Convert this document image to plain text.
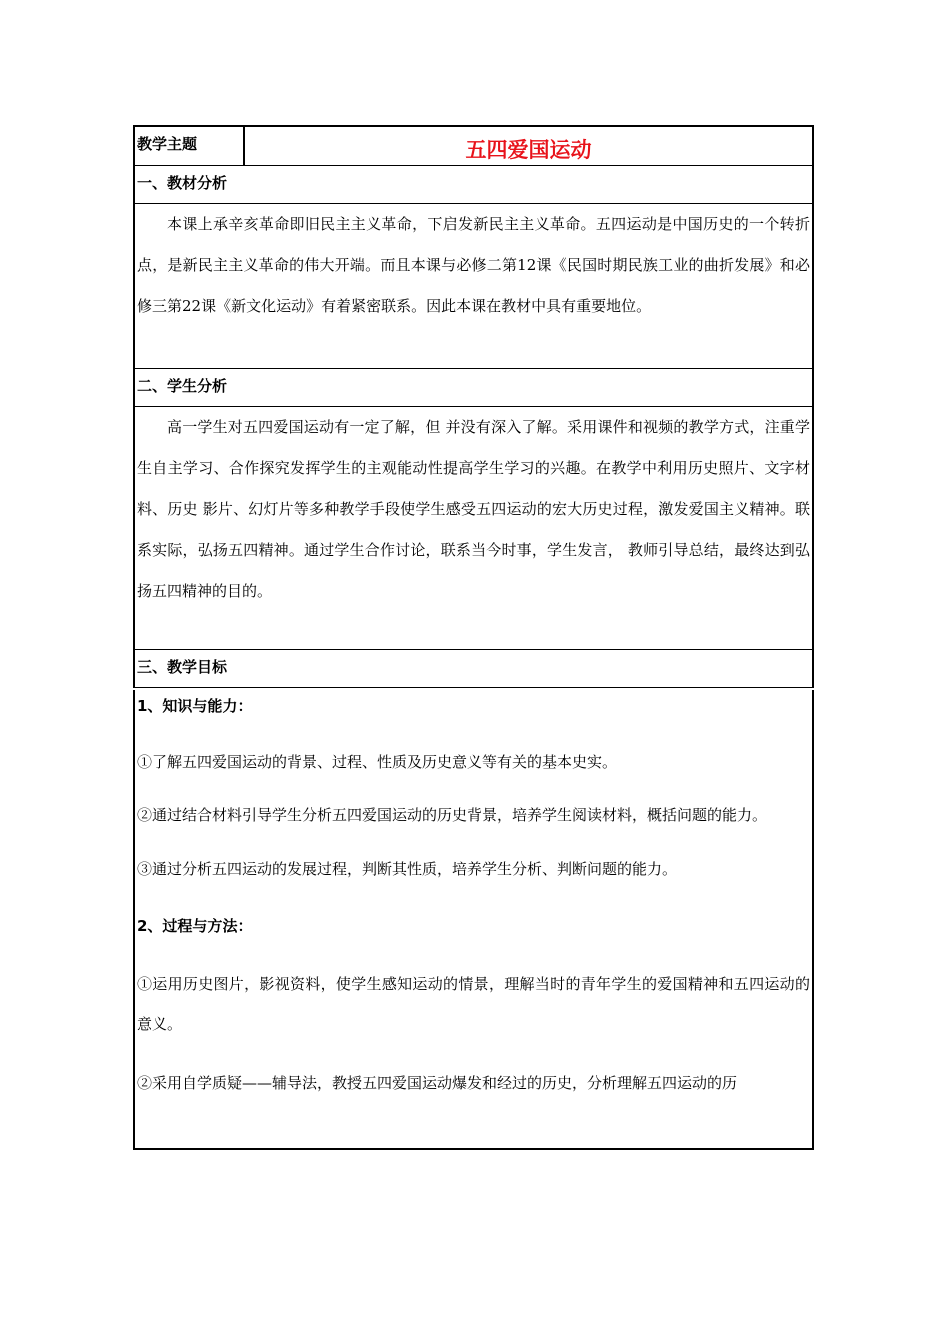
教学主题	五四爱国运动
一、教材分析

本课上承辛亥革命即旧民主主义革命，下启发新民主主义革命。五四运动是中国历史的一个转折点，是新民主主义革命的伟大开端。而且本课与必修二第12课《民国时期民族工业的曲折发展》和必修三第22课《新文化运动》有着紧密联系。因此本课在教材中具有重要地位。

二、学生分析

高一学生对五四爱国运动有一定了解，但 并没有深入了解。采用课件和视频的教学方式，注重学生自主学习、合作探究发挥学生的主观能动性提高学生学习的兴趣。在教学中利用历史照片、文字材料、历史 影片、幻灯片等多种教学手段使学生感受五四运动的宏大历史过程，激发爱国主义精神。联系实际，弘扬五四精神。通过学生合作讨论，联系当今时事，学生发言， 教师引导总结，最终达到弘扬五四精神的目的。

三、教学目标

1、知识与能力：

①了解五四爱国运动的背景、过程、性质及历史意义等有关的基本史实。

②通过结合材料引导学生分析五四爱国运动的历史背景，培养学生阅读材料，概括问题的能力。

③通过分析五四运动的发展过程，判断其性质，培养学生分析、判断问题的能力。

2、过程与方法：

①运用历史图片，影视资料，使学生感知运动的情景，理解当时的青年学生的爱国精神和五四运动的意义。

②采用自学质疑——辅导法，教授五四爱国运动爆发和经过的历史，分析理解五四运动的历
